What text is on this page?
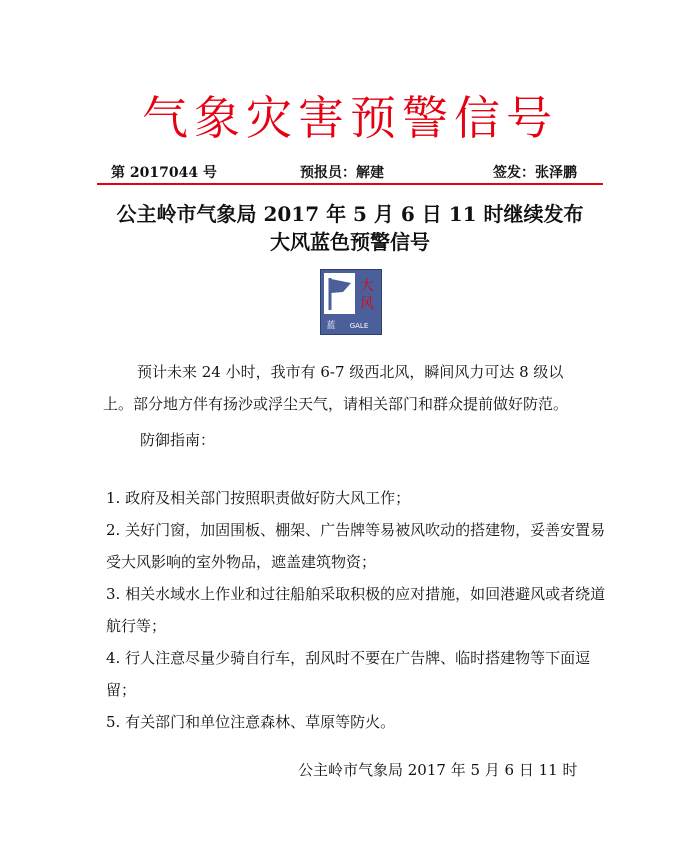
气象灾害预警信号
第 2017044 号	预报员：解建	签发：张泽鹏
公主岭市气象局 2017 年 5 月 6 日 11 时继续发布
大风蓝色预警信号
大
风
蓝 GALE
预计未来 24 小时，我市有 6-7 级西北风，瞬间风力可达 8 级以
上。部分地方伴有扬沙或浮尘天气，请相关部门和群众提前做好防范。
防御指南：

1. 政府及相关部门按照职责做好防大风工作；

2. 关好门窗，加固围板、棚架、广告牌等易被风吹动的搭建物，妥善安置易受大风影响的室外物品，遮盖建筑物资；

3. 相关水域水上作业和过往船舶采取积极的应对措施，如回港避风或者绕道航行等；

4. 行人注意尽量少骑自行车，刮风时不要在广告牌、临时搭建物等下面逗留；

5. 有关部门和单位注意森林、草原等防火。

公主岭市气象局 2017 年 5 月 6 日 11 时
